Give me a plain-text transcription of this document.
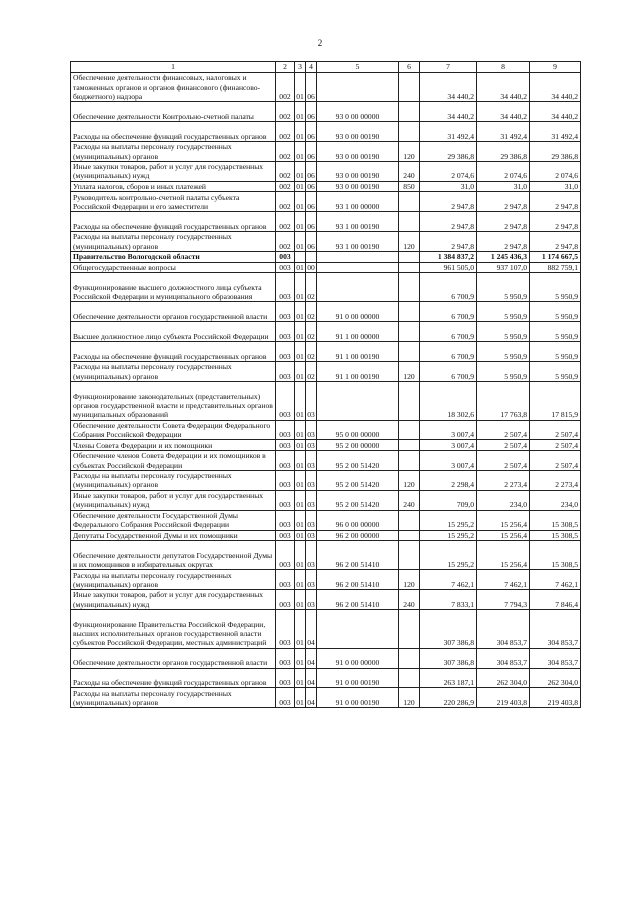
2
1	2	3	4	5	6	7	8	9
Обеспечение деятельности финансовых, налоговых и таможенных органов и органов финансового (финансово-бюджетного) надзора	002	01	06			34 440,2	34 440,2	34 440,2
Обеспечение деятельности Контрольно-счетной палаты	002	01	06	93 0 00 00000		34 440,2	34 440,2	34 440,2
Расходы на обеспечение функций государственных органов	002	01	06	93 0 00 00190		31 492,4	31 492,4	31 492,4
Расходы на выплаты персоналу государственных (муниципальных) органов	002	01	06	93 0 00 00190	120	29 386,8	29 386,8	29 386,8
Иные закупки товаров, работ и услуг для государственных (муниципальных) нужд	002	01	06	93 0 00 00190	240	2 074,6	2 074,6	2 074,6
Уплата налогов, сборов и иных платежей	002	01	06	93 0 00 00190	850	31,0	31,0	31,0
Руководитель контрольно-счетной палаты субъекта Российской Федерации и его заместители	002	01	06	93 1 00 00000		2 947,8	2 947,8	2 947,8
Расходы на обеспечение функций государственных органов	002	01	06	93 1 00 00190		2 947,8	2 947,8	2 947,8
Расходы на выплаты персоналу государственных (муниципальных) органов	002	01	06	93 1 00 00190	120	2 947,8	2 947,8	2 947,8
Правительство Вологодской области	003					1 384 837,2	1 245 436,3	1 174 667,5
Общегосударственные вопросы	003	01	00			961 505,0	937 107,0	882 759,1
Функционирование высшего должностного лица субъекта Российской Федерации и муниципального образования	003	01	02			6 700,9	5 950,9	5 950,9
Обеспечение деятельности органов государственной власти	003	01	02	91 0 00 00000		6 700,9	5 950,9	5 950,9
Высшее должностное лицо субъекта Российской Федерации	003	01	02	91 1 00 00000		6 700,9	5 950,9	5 950,9
Расходы на обеспечение функций государственных органов	003	01	02	91 1 00 00190		6 700,9	5 950,9	5 950,9
Расходы на выплаты персоналу государственных (муниципальных) органов	003	01	02	91 1 00 00190	120	6 700,9	5 950,9	5 950,9
Функционирование законодательных (представительных) органов государственной власти и представительных органов муниципальных образований	003	01	03			18 302,6	17 763,8	17 815,9
Обеспечение деятельности Совета Федерации Федерального Собрания Российской Федерации	003	01	03	95 0 00 00000		3 007,4	2 507,4	2 507,4
Члены Совета Федерации и их помощники	003	01	03	95 2 00 00000		3 007,4	2 507,4	2 507,4
Обеспечение членов Совета Федерации и их помощников в субъектах Российской Федерации	003	01	03	95 2 00 51420		3 007,4	2 507,4	2 507,4
Расходы на выплаты персоналу государственных (муниципальных) органов	003	01	03	95 2 00 51420	120	2 298,4	2 273,4	2 273,4
Иные закупки товаров, работ и услуг для государственных (муниципальных) нужд	003	01	03	95 2 00 51420	240	709,0	234,0	234,0
Обеспечение деятельности Государственной Думы Федерального Собрания Российской Федерации	003	01	03	96 0 00 00000		15 295,2	15 256,4	15 308,5
Депутаты Государственной Думы и их помощники	003	01	03	96 2 00 00000		15 295,2	15 256,4	15 308,5
Обеспечение деятельности депутатов Государственной Думы и их помощников в избирательных округах	003	01	03	96 2 00 51410		15 295,2	15 256,4	15 308,5
Расходы на выплаты персоналу государственных (муниципальных) органов	003	01	03	96 2 00 51410	120	7 462,1	7 462,1	7 462,1
Иные закупки товаров, работ и услуг для государственных (муниципальных) нужд	003	01	03	96 2 00 51410	240	7 833,1	7 794,3	7 846,4
Функционирование Правительства Российской Федерации, высших исполнительных органов государственной власти субъектов Российской Федерации, местных администраций	003	01	04			307 386,8	304 853,7	304 853,7
Обеспечение деятельности органов государственной власти	003	01	04	91 0 00 00000		307 386,8	304 853,7	304 853,7
Расходы на обеспечение функций государственных органов	003	01	04	91 0 00 00190		263 187,1	262 304,0	262 304,0
Расходы на выплаты персоналу государственных (муниципальных) органов	003	01	04	91 0 00 00190	120	220 286,9	219 403,8	219 403,8
